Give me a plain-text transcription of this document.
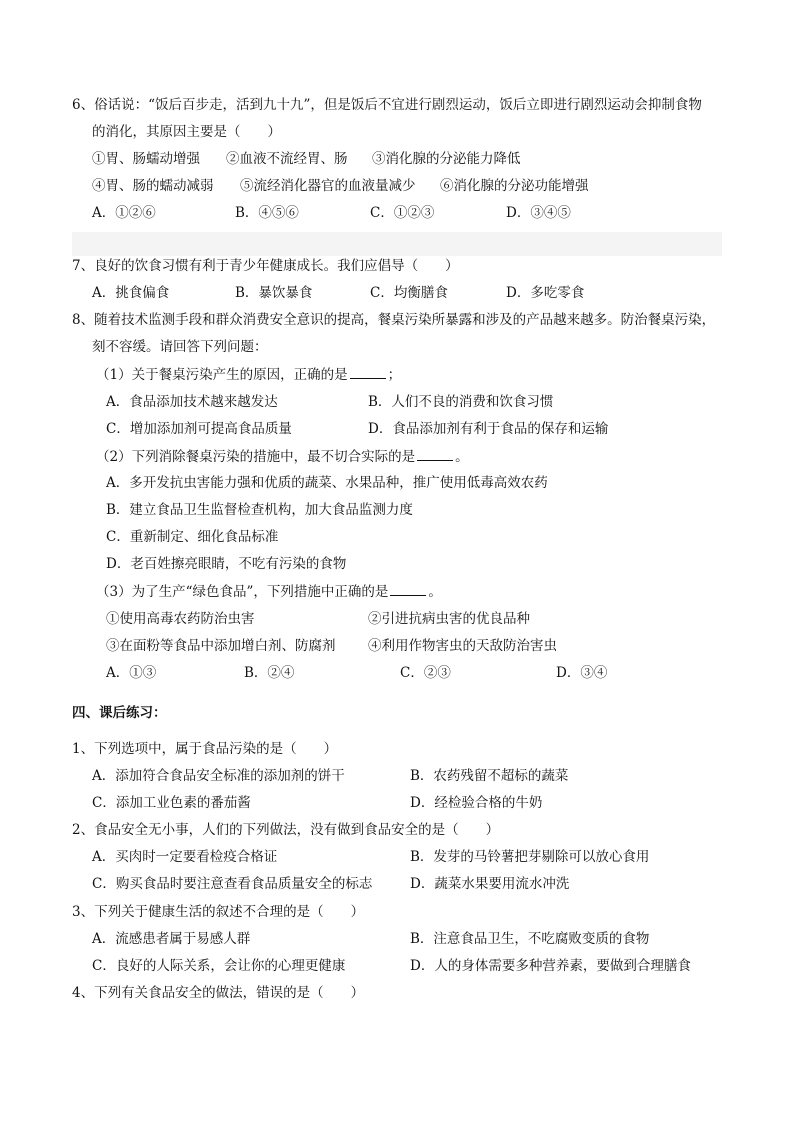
6、俗话说：“饭后百步走，活到九十九”，但是饭后不宜进行剧烈运动，饭后立即进行剧烈运动会抑制食物
的消化，其原因主要是（　　）
①胃、肠蠕动增强 ②血液不流经胃、肠 ③消化腺的分泌能力降低
④胃、肠的蠕动减弱 ⑤流经消化器官的血液量减少 ⑥消化腺的分泌功能增强
A．①②⑥	B．④⑤⑥	C．①②③	D．③④⑤
7、良好的饮食习惯有利于青少年健康成长。我们应倡导（　　）
A．挑食偏食	B．暴饮暴食	C．均衡膳食	D．多吃零食
8、随着技术监测手段和群众消费安全意识的提高，餐桌污染所暴露和涉及的产品越来越多。防治餐桌污染，
刻不容缓。请回答下列问题：
（1）关于餐桌污染产生的原因，正确的是	；
A．食品添加技术越来越发达	B．人们不良的消费和饮食习惯
C．增加添加剂可提高食品质量	D．食品添加剂有利于食品的保存和运输
（2）下列消除餐桌污染的措施中，最不切合实际的是	。
A．多开发抗虫害能力强和优质的蔬菜、水果品种，推广使用低毒高效农药
B．建立食品卫生监督检查机构，加大食品监测力度
C．重新制定、细化食品标准
D．老百姓擦亮眼睛，不吃有污染的食物
（3）为了生产“绿色食品”，下列措施中正确的是	。
①使用高毒农药防治虫害	②引进抗病虫害的优良品种
③在面粉等食品中添加增白剂、防腐剂 ④利用作物害虫的天敌防治害虫
A．①③	B．②④	C．②③	D．③④
四、课后练习：
1、下列选项中，属于食品污染的是（　　）
A．添加符合食品安全标准的添加剂的饼干	B．农药残留不超标的蔬菜
C．添加工业色素的番茄酱	D．经检验合格的牛奶
2、食品安全无小事，人们的下列做法，没有做到食品安全的是（　　）
A．买肉时一定要看检疫合格证	B．发芽的马铃薯把芽剔除可以放心食用
C．购买食品时要注意查看食品质量安全的标志	D．蔬菜水果要用流水冲洗
3、下列关于健康生活的叙述不合理的是（　　）
A．流感患者属于易感人群	B．注意食品卫生，不吃腐败变质的食物
C．良好的人际关系，会让你的心理更健康	D．人的身体需要多种营养素，要做到合理膳食
4、下列有关食品安全的做法，错误的是（　　）
